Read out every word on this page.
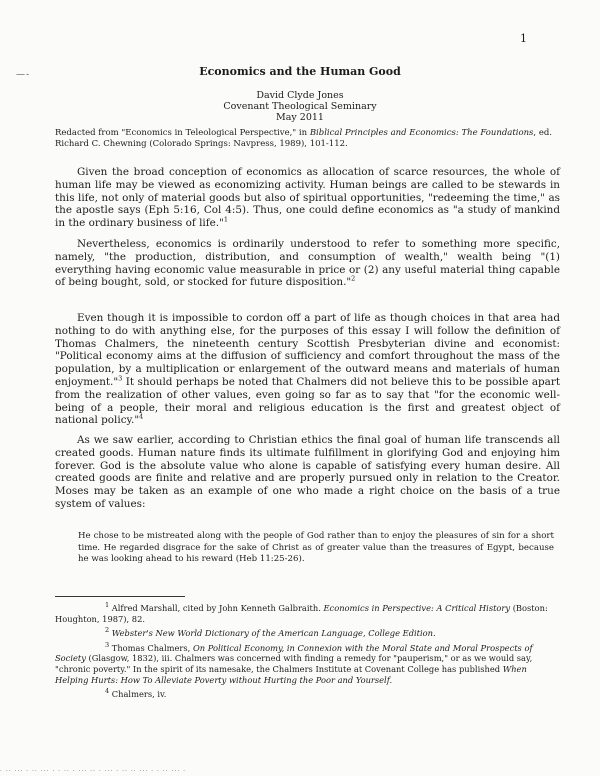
1
—-	Economics and the Human Good
David Clyde Jones
Covenant Theological Seminary
May 2011
Redacted from "Economics in Teleological Perspective," in Biblical Principles and Economics: The Foundations, ed. Richard C. Chewning (Colorado Springs: Navpress, 1989), 101-112.
Given the broad conception of economics as allocation of scarce resources, the whole of human life may be viewed as economizing activity. Human beings are called to be stewards in this life, not only of material goods but also of spiritual opportunities, "redeeming the time," as the apostle says (Eph 5:16, Col 4:5). Thus, one could define economics as "a study of mankind in the ordinary business of life."$^1$
Nevertheless, economics is ordinarily understood to refer to something more specific, namely, "the production, distribution, and consumption of wealth," wealth being "(1) everything having economic value measurable in price or (2) any useful material thing capable of being bought, sold, or stocked for future disposition."$^2$
Even though it is impossible to cordon off a part of life as though choices in that area had nothing to do with anything else, for the purposes of this essay I will follow the definition of Thomas Chalmers, the nineteenth century Scottish Presbyterian divine and economist: "Political economy aims at the diffusion of sufficiency and comfort throughout the mass of the population, by a multiplication or enlargement of the outward means and materials of human enjoyment."$^3$ It should perhaps be noted that Chalmers did not believe this to be possible apart from the realization of other values, even going so far as to say that "for the economic well-being of a people, their moral and religious education is the first and greatest object of national policy."$^4$
As we saw earlier, according to Christian ethics the final goal of human life transcends all created goods. Human nature finds its ultimate fulfillment in glorifying God and enjoying him forever. God is the absolute value who alone is capable of satisfying every human desire. All created goods are finite and relative and are properly pursued only in relation to the Creator. Moses may be taken as an example of one who made a right choice on the basis of a true system of values:
He chose to be mistreated along with the people of God rather than to enjoy the pleasures of sin for a short time. He regarded disgrace for the sake of Christ as of greater value than the treasures of Egypt, because he was looking ahead to his reward (Heb 11:25-26).
$^1$ Alfred Marshall, cited by John Kenneth Galbraith. Economics in Perspective: A Critical History (Boston: Houghton, 1987), 82.
$^2$ Webster's New World Dictionary of the American Language, College Edition.
$^3$ Thomas Chalmers, On Political Economy, in Connexion with the Moral State and Moral Prospects of Society (Glasgow, 1832), iii. Chalmers was concerned with finding a remedy for "pauperism," or as we would say, "chronic poverty." In the spirit of its namesake, the Chalmers Institute at Covenant College has published When Helping Hurts: How To Alleviate Poverty without Hurting the Poor and Yourself.
$^4$ Chalmers, iv.
· ·· ··· · ·· ··· · · ·· · ··· ·· · ··· · ·· ·· ··· · · ·· ··· ·
